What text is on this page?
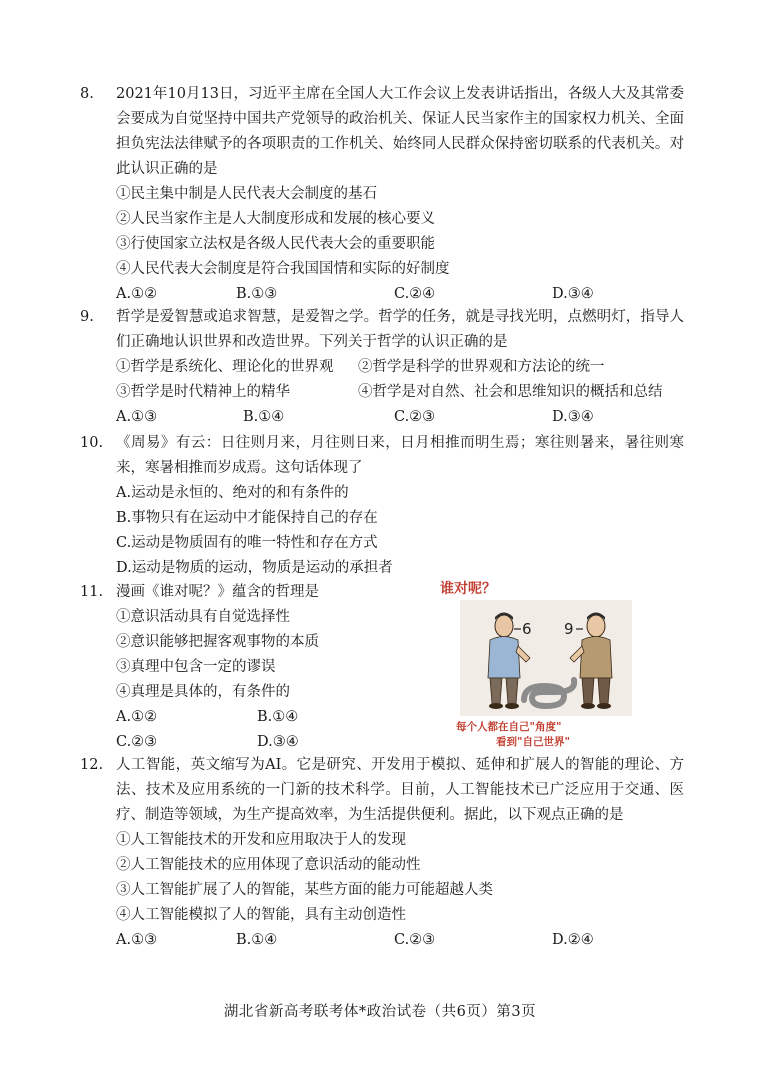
8.	2021年10月13日，习近平主席在全国人大工作会议上发表讲话指出，各级人大及其常委会要成为自觉坚持中国共产党领导的政治机关、保证人民当家作主的国家权力机关、全面担负宪法法律赋予的各项职责的工作机关、始终同人民群众保持密切联系的代表机关。对此认识正确的是
①民主集中制是人民代表大会制度的基石
②人民当家作主是人大制度形成和发展的核心要义
③行使国家立法权是各级人民代表大会的重要职能
④人民代表大会制度是符合我国国情和实际的好制度
A.①②	B.①③	C.②④	D.③④
9.	哲学是爱智慧或追求智慧，是爱智之学。哲学的任务，就是寻找光明，点燃明灯，指导人们正确地认识世界和改造世界。下列关于哲学的认识正确的是
①哲学是系统化、理论化的世界观 ②哲学是科学的世界观和方法论的统一
③哲学是时代精神上的精华	④哲学是对自然、社会和思维知识的概括和总结
A.①③	B.①④	C.②③	D.③④
10. 《周易》有云：日往则月来，月往则日来，日月相推而明生焉；寒往则暑来，暑往则寒来，寒暑相推而岁成焉。这句话体现了
A.运动是永恒的、绝对的和有条件的
B.事物只有在运动中才能保持自己的存在
C.运动是物质固有的唯一特性和存在方式
D.运动是物质的运动，物质是运动的承担者
11. 漫画《谁对呢？》蕴含的哲理是
①意识活动具有自觉选择性
②意识能够把握客观事物的本质
③真理中包含一定的谬误
④真理是具体的，有条件的
A.①②	B.①④
C.②③	D.③④
谁对呢？
6 9
每个人都在自己"角度"
看到"自己世界"
12. 人工智能，英文缩写为AI。它是研究、开发用于模拟、延伸和扩展人的智能的理论、方法、技术及应用系统的一门新的技术科学。目前，人工智能技术已广泛应用于交通、医疗、制造等领域，为生产提高效率，为生活提供便利。据此，以下观点正确的是
①人工智能技术的开发和应用取决于人的发现
②人工智能技术的应用体现了意识活动的能动性
③人工智能扩展了人的智能，某些方面的能力可能超越人类
④人工智能模拟了人的智能，具有主动创造性
A.①③	B.①④	C.②③	D.②④
湖北省新高考联考体*政治试卷（共6页）第3页
